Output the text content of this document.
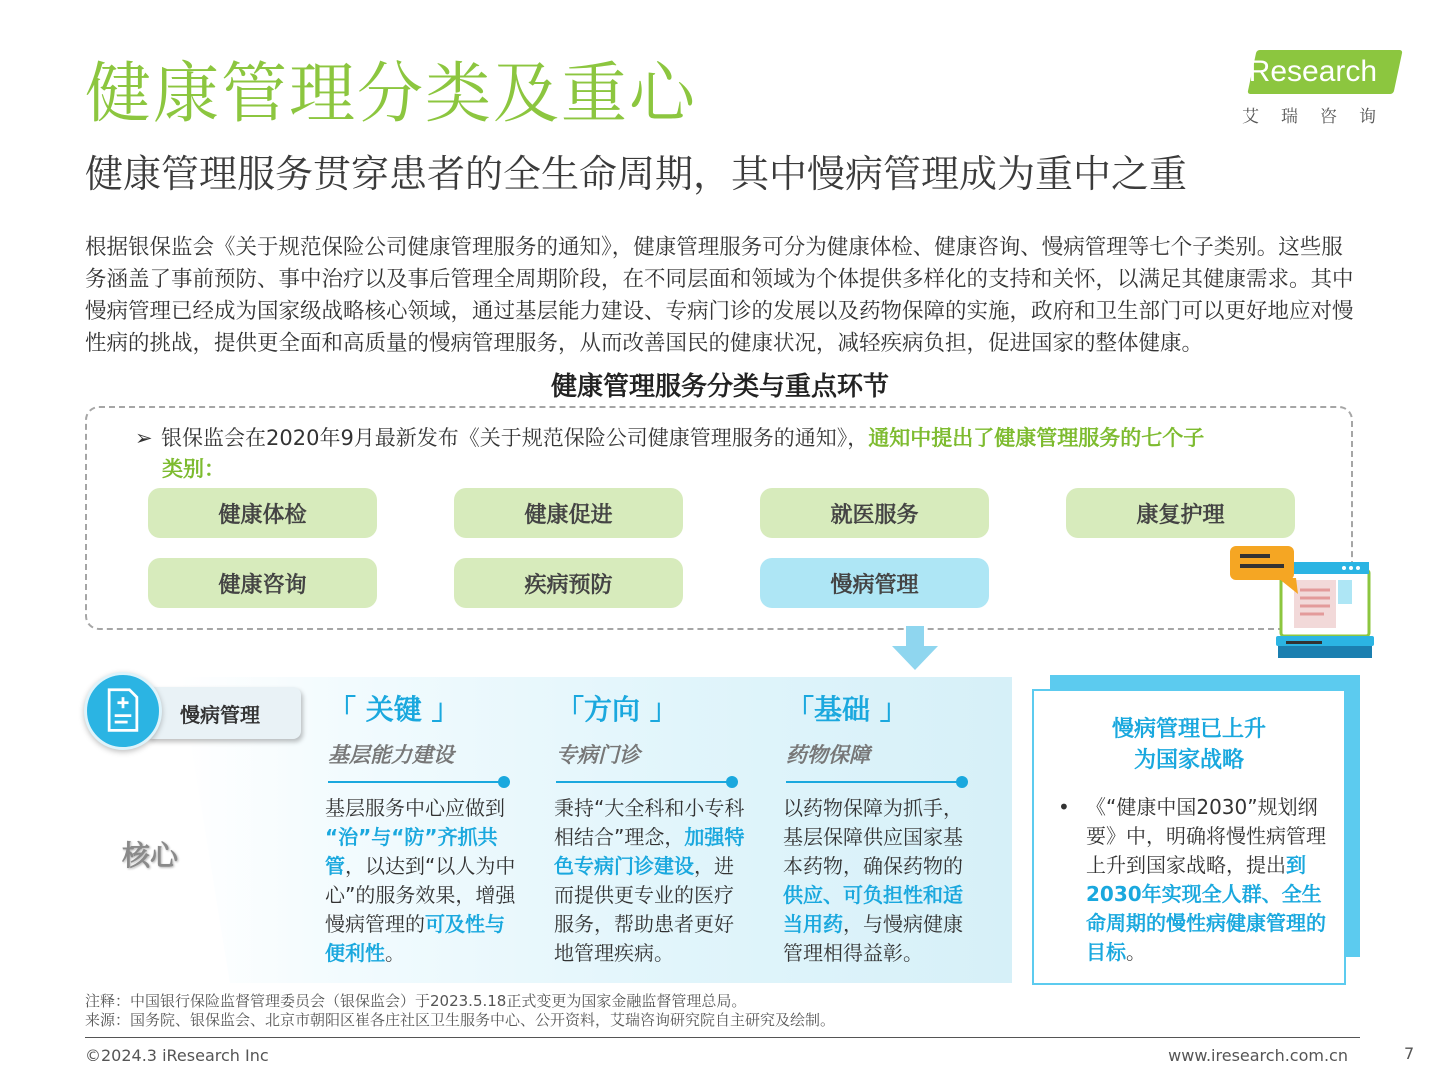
健康管理分类及重心
健康管理服务贯穿患者的全生命周期，其中慢病管理成为重中之重
iResearch
艾瑞咨询
根据银保监会《关于规范保险公司健康管理服务的通知》，健康管理服务可分为健康体检、健康咨询、慢病管理等七个子类别。这些服务涵盖了事前预防、事中治疗以及事后管理全周期阶段，在不同层面和领域为个体提供多样化的支持和关怀，以满足其健康需求。其中慢病管理已经成为国家级战略核心领域，通过基层能力建设、专病门诊的发展以及药物保障的实施，政府和卫生部门可以更好地应对慢性病的挑战，提供更全面和高质量的慢病管理服务，从而改善国民的健康状况，减轻疾病负担，促进国家的整体健康。
健康管理服务分类与重点环节
➢ 银保监会在2020年9月最新发布《关于规范保险公司健康管理服务的通知》，通知中提出了健康管理服务的七个子
类别：
健康体检	健康促进	就医服务	康复护理
健康咨询	疾病预防	慢病管理
慢病管理
核心
「 关键 」
基层能力建设
基层服务中心应做到
“治”与“防”齐抓共管，以达到“以人为中心”的服务效果，增强慢病管理的可及性与便利性。
「方向 」
专病门诊
秉持“大全科和小专科相结合”理念，加强特色专病门诊建设，进而提供更专业的医疗服务，帮助患者更好地管理疾病。
「基础 」
药物保障
以药物保障为抓手，基层保障供应国家基本药物，确保药物的供应、可负担性和适当用药，与慢病健康管理相得益彰。
慢病管理已上升
为国家战略
• 《“健康中国2030”规划纲要》中，明确将慢性病管理上升到国家战略，提出到2030年实现全人群、全生命周期的慢性病健康管理的目标。
注释：中国银行保险监督管理委员会（银保监会）于2023.5.18正式变更为国家金融监督管理总局。
来源：国务院、银保监会、北京市朝阳区崔各庄社区卫生服务中心、公开资料，艾瑞咨询研究院自主研究及绘制。
©2024.3 iResearch Inc	www.iresearch.com.cn	7
